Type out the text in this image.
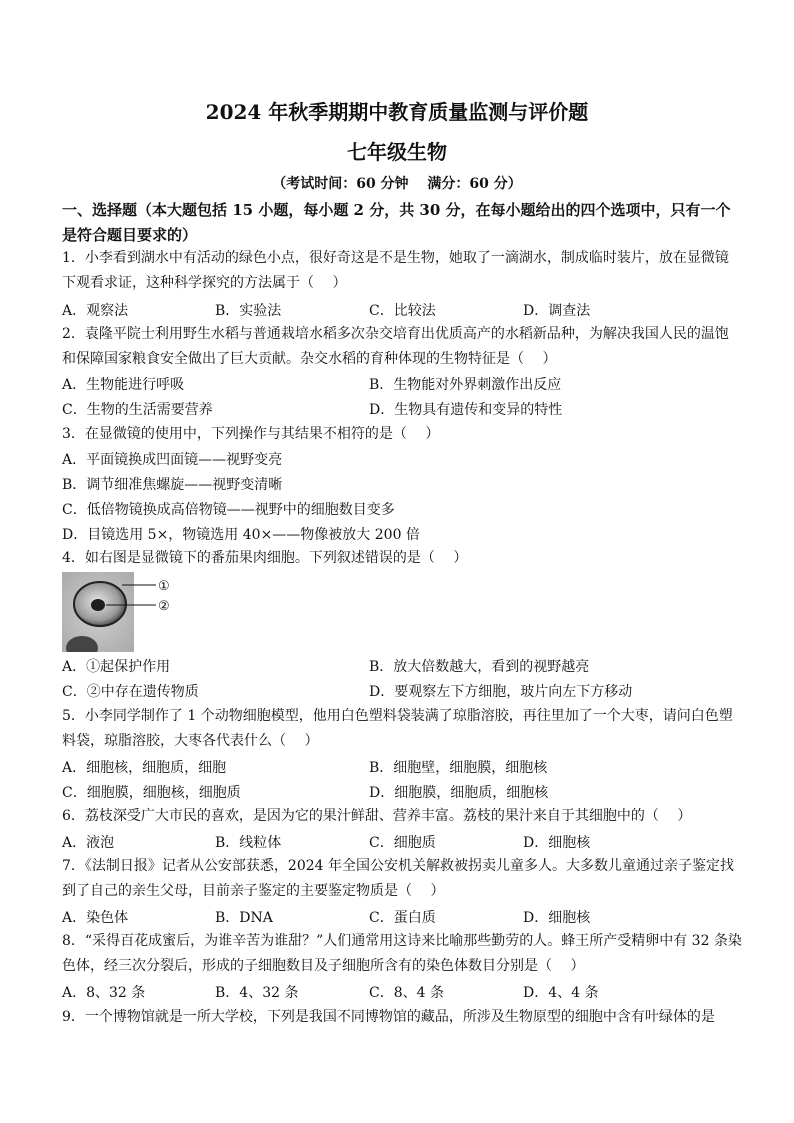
2024 年秋季期期中教育质量监测与评价题
七年级生物
（考试时间：60 分钟　 满分：60 分）
一、选择题（本大题包括 15 小题，每小题 2 分，共 30 分，在每小题给出的四个选项中，只有一个是符合题目要求的）
1．小李看到湖水中有活动的绿色小点，很好奇这是不是生物，她取了一滴湖水，制成临时装片，放在显微镜下观看求证，这种科学探究的方法属于（　 ）
A．观察法	B．实验法	C．比较法	D．调查法
2．袁隆平院士利用野生水稻与普通栽培水稻多次杂交培育出优质高产的水稻新品种，为解决我国人民的温饱和保障国家粮食安全做出了巨大贡献。杂交水稻的育种体现的生物特征是（　 ）
A．生物能进行呼吸	B．生物能对外界刺激作出反应
C．生物的生活需要营养	D．生物具有遗传和变异的特性
3．在显微镜的使用中，下列操作与其结果不相符的是（　 ）
A．平面镜换成凹面镜——视野变亮
B．调节细准焦螺旋——视野变清晰
C．低倍物镜换成高倍物镜——视野中的细胞数目变多
D．目镜选用 5×，物镜选用 40×——物像被放大 200 倍
4．如右图是显微镜下的番茄果肉细胞。下列叙述错误的是（　 ）
①
②
A．①起保护作用	B．放大倍数越大，看到的视野越亮
C．②中存在遗传物质	D．要观察左下方细胞，玻片向左下方移动
5．小李同学制作了 1 个动物细胞模型，他用白色塑料袋装满了琼脂溶胶，再往里加了一个大枣，请问白色塑料袋，琼脂溶胶，大枣各代表什么（　 ）
A．细胞核，细胞质，细胞	B．细胞壁，细胞膜，细胞核
C．细胞膜，细胞核，细胞质	D．细胞膜，细胞质，细胞核
6．荔枝深受广大市民的喜欢，是因为它的果汁鲜甜、营养丰富。荔枝的果汁来自于其细胞中的（　 ）
A．液泡	B．线粒体	C．细胞质	D．细胞核
7．《法制日报》记者从公安部获悉，2024 年全国公安机关解救被拐卖儿童多人。大多数儿童通过亲子鉴定找到了自己的亲生父母，目前亲子鉴定的主要鉴定物质是（　 ）
A．染色体	B．DNA	C．蛋白质	D．细胞核
8．“采得百花成蜜后，为谁辛苦为谁甜？”人们通常用这诗来比喻那些勤劳的人。蜂王所产受精卵中有 32 条染色体，经三次分裂后，形成的子细胞数目及子细胞所含有的染色体数目分别是（　 ）
A．8、32 条	B．4、32 条	C．8、4 条	D．4、4 条
9．一个博物馆就是一所大学校，下列是我国不同博物馆的藏品，所涉及生物原型的细胞中含有叶绿体的是
